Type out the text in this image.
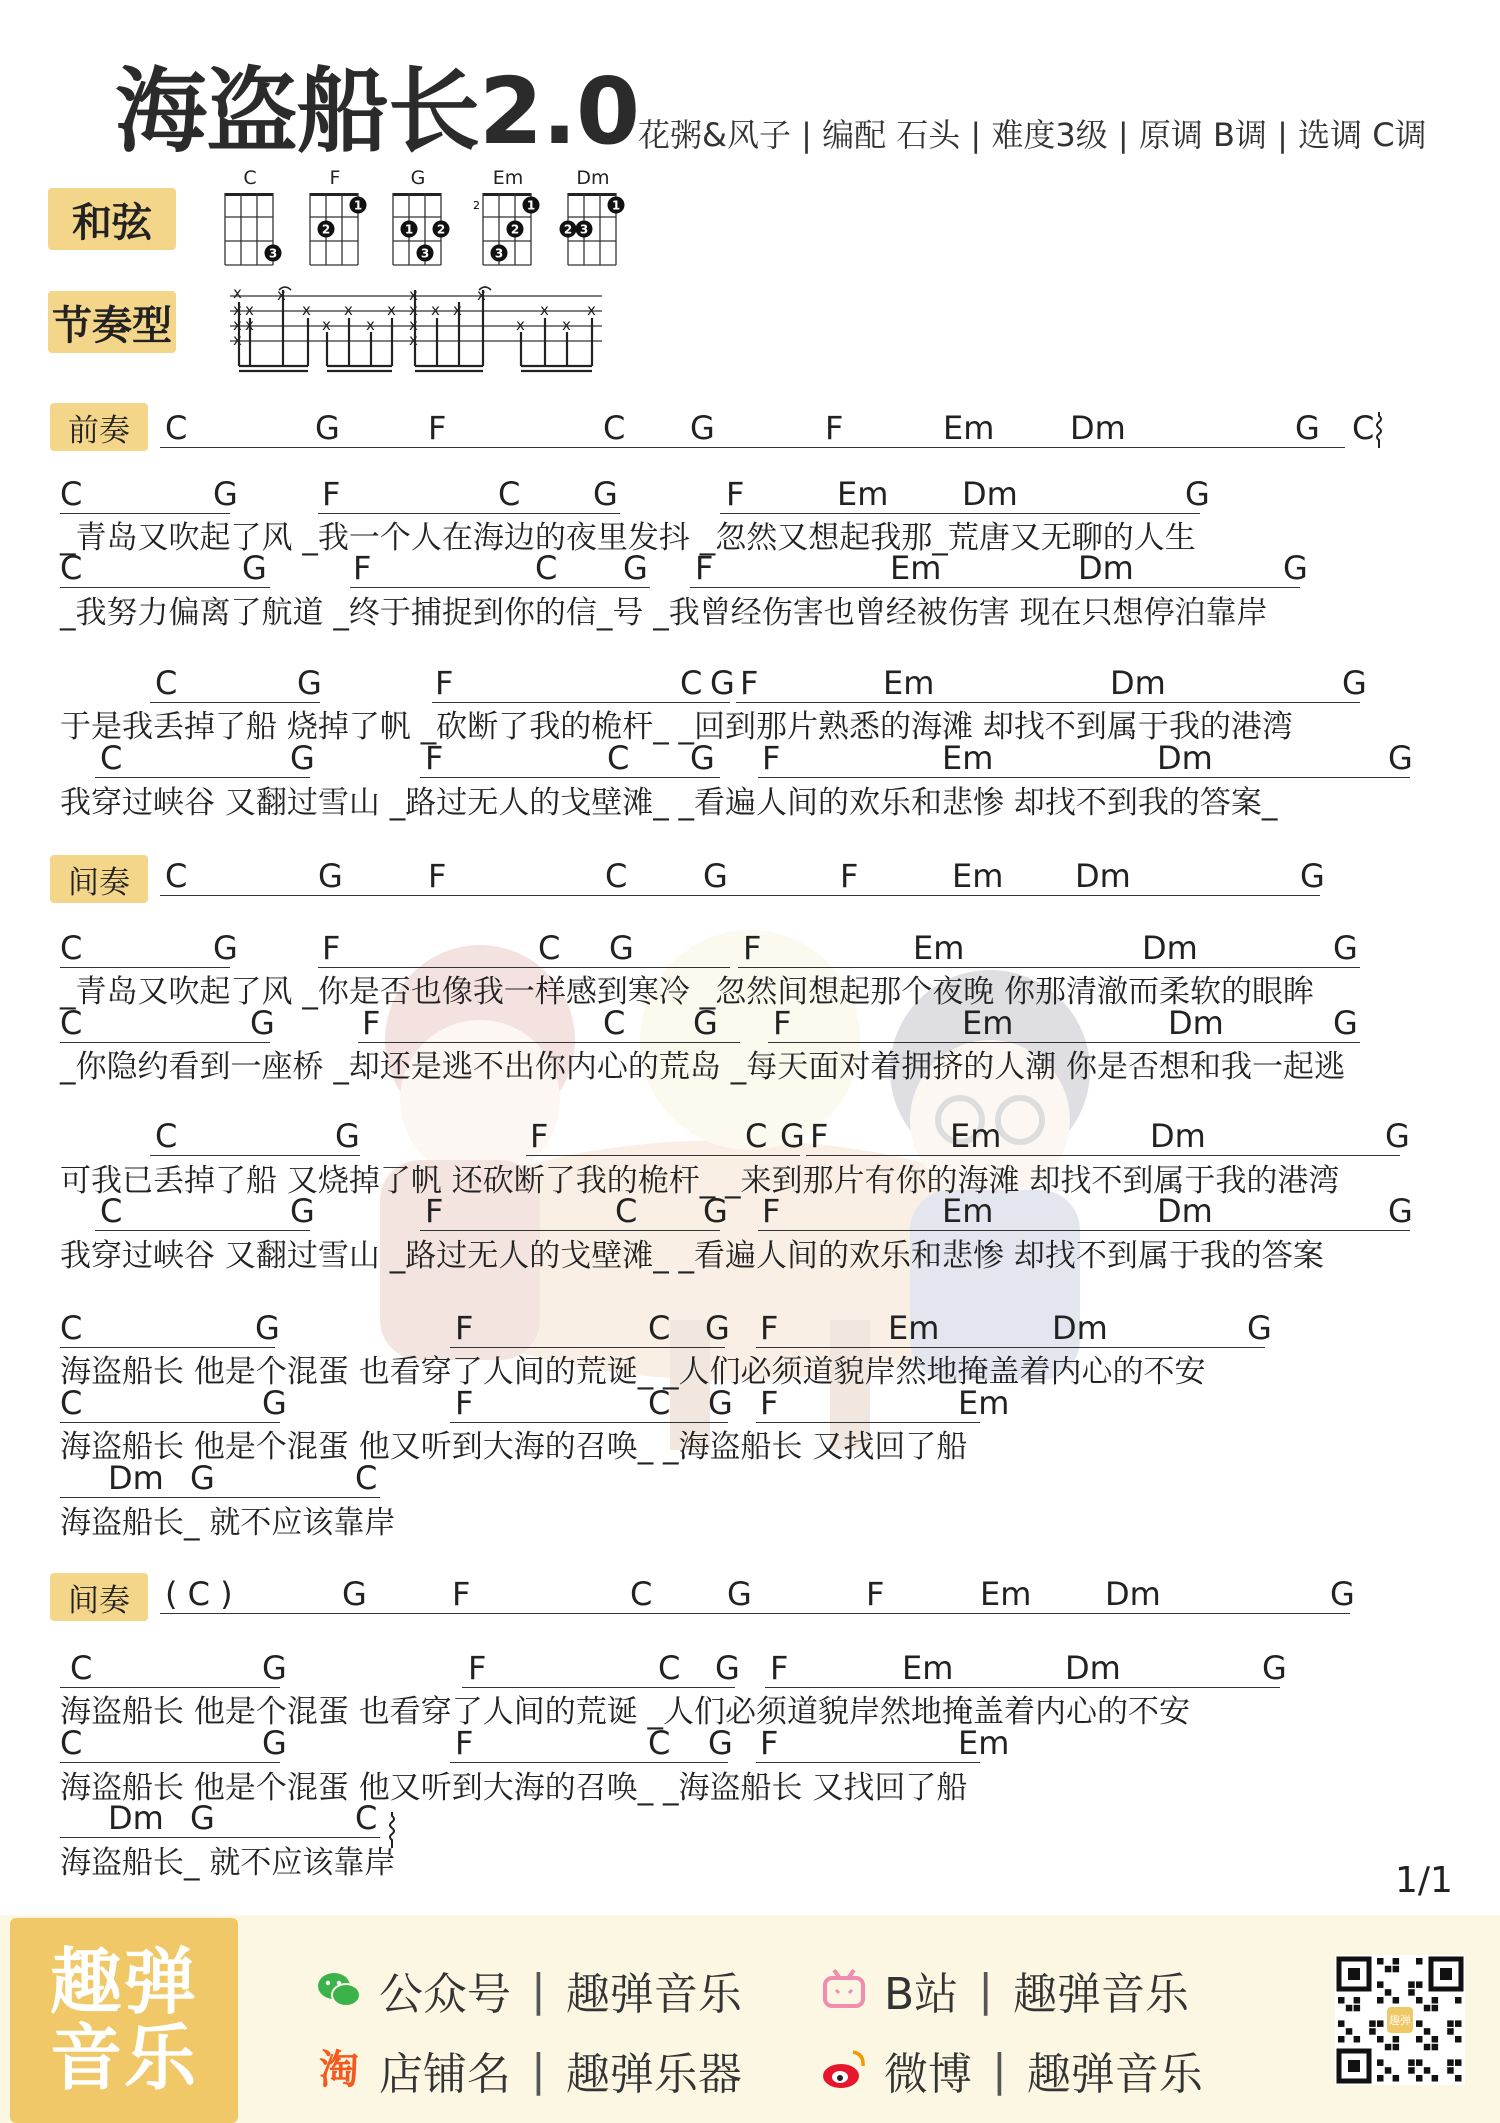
海盗船长2.0 花粥&风子 | 编配 石头 | 难度3级 | 原调 B调 | 选调 C调
和弦
节奏型
C
3
F
2
1
G
1
3
2
Em
2
3
2
1
Dm
2 3
1
x
x
x
x
x
x
x
x
x
x
x
x
x
x
x
x
x x
x
x
x
x
x
前奏
间奏
间奏
_青岛又吹起了风 _我一个人在海边的夜里发抖 _忽然又想起我那_荒唐又无聊的人生
_我努力偏离了航道 _终于捕捉到你的信_号 _我曾经伤害也曾经被伤害 现在只想停泊靠岸
于是我丢掉了船 烧掉了帆 _砍断了我的桅杆_ _回到那片熟悉的海滩 却找不到属于我的港湾
我穿过峡谷 又翻过雪山 _路过无人的戈壁滩_ _看遍人间的欢乐和悲惨 却找不到我的答案_
_青岛又吹起了风 _你是否也像我一样感到寒冷 _忽然间想起那个夜晚 你那清澈而柔软的眼眸
_你隐约看到一座桥 _却还是逃不出你内心的荒岛 _每天面对着拥挤的人潮 你是否想和我一起逃
可我已丢掉了船 又烧掉了帆 还砍断了我的桅杆_ _来到那片有你的海滩 却找不到属于我的港湾
我穿过峡谷 又翻过雪山 _路过无人的戈壁滩_ _看遍人间的欢乐和悲惨 却找不到属于我的答案
海盗船长 他是个混蛋 也看穿了人间的荒诞_ _人们必须道貌岸然地掩盖着内心的不安
海盗船长 他是个混蛋 他又听到大海的召唤_ _海盗船长 又找回了船
海盗船长_ 就不应该靠岸
海盗船长 他是个混蛋 也看穿了人间的荒诞 _人们必须道貌岸然地掩盖着内心的不安
海盗船长 他是个混蛋 他又听到大海的召唤_ _海盗船长 又找回了船
海盗船长_ 就不应该靠岸
C	G	F	C G	F	Em Dm	G C
C	G	F	C G	F	Em Dm	G
C	G	F	C G F	Em	Dm	G
C	G	F	C G F	Em	Dm	G
C	G	F	C G F	Em	Dm	G
C	G	F	C G	F	Em Dm	G
C	G	F	C G	F	Em	Dm	G
C	G	F	C G F	Em	Dm	G
C	G	F	C G F	Em	Dm	G
C	G	F	C G F	Em	Dm	G
C	G	F	C G F	Em	Dm	G
C	G	F	C G F	Em
Dm G	C
( C )	G	F	C G	F	Em Dm	G
C	G	F	C G F	Em	Dm	G
C	G	F	C G F	Em
Dm G	C
1/1
趣弹
音乐
公众号 | 趣弹音乐	B站 | 趣弹音乐
淘 店铺名 | 趣弹乐器	微博 | 趣弹音乐
趣弹
